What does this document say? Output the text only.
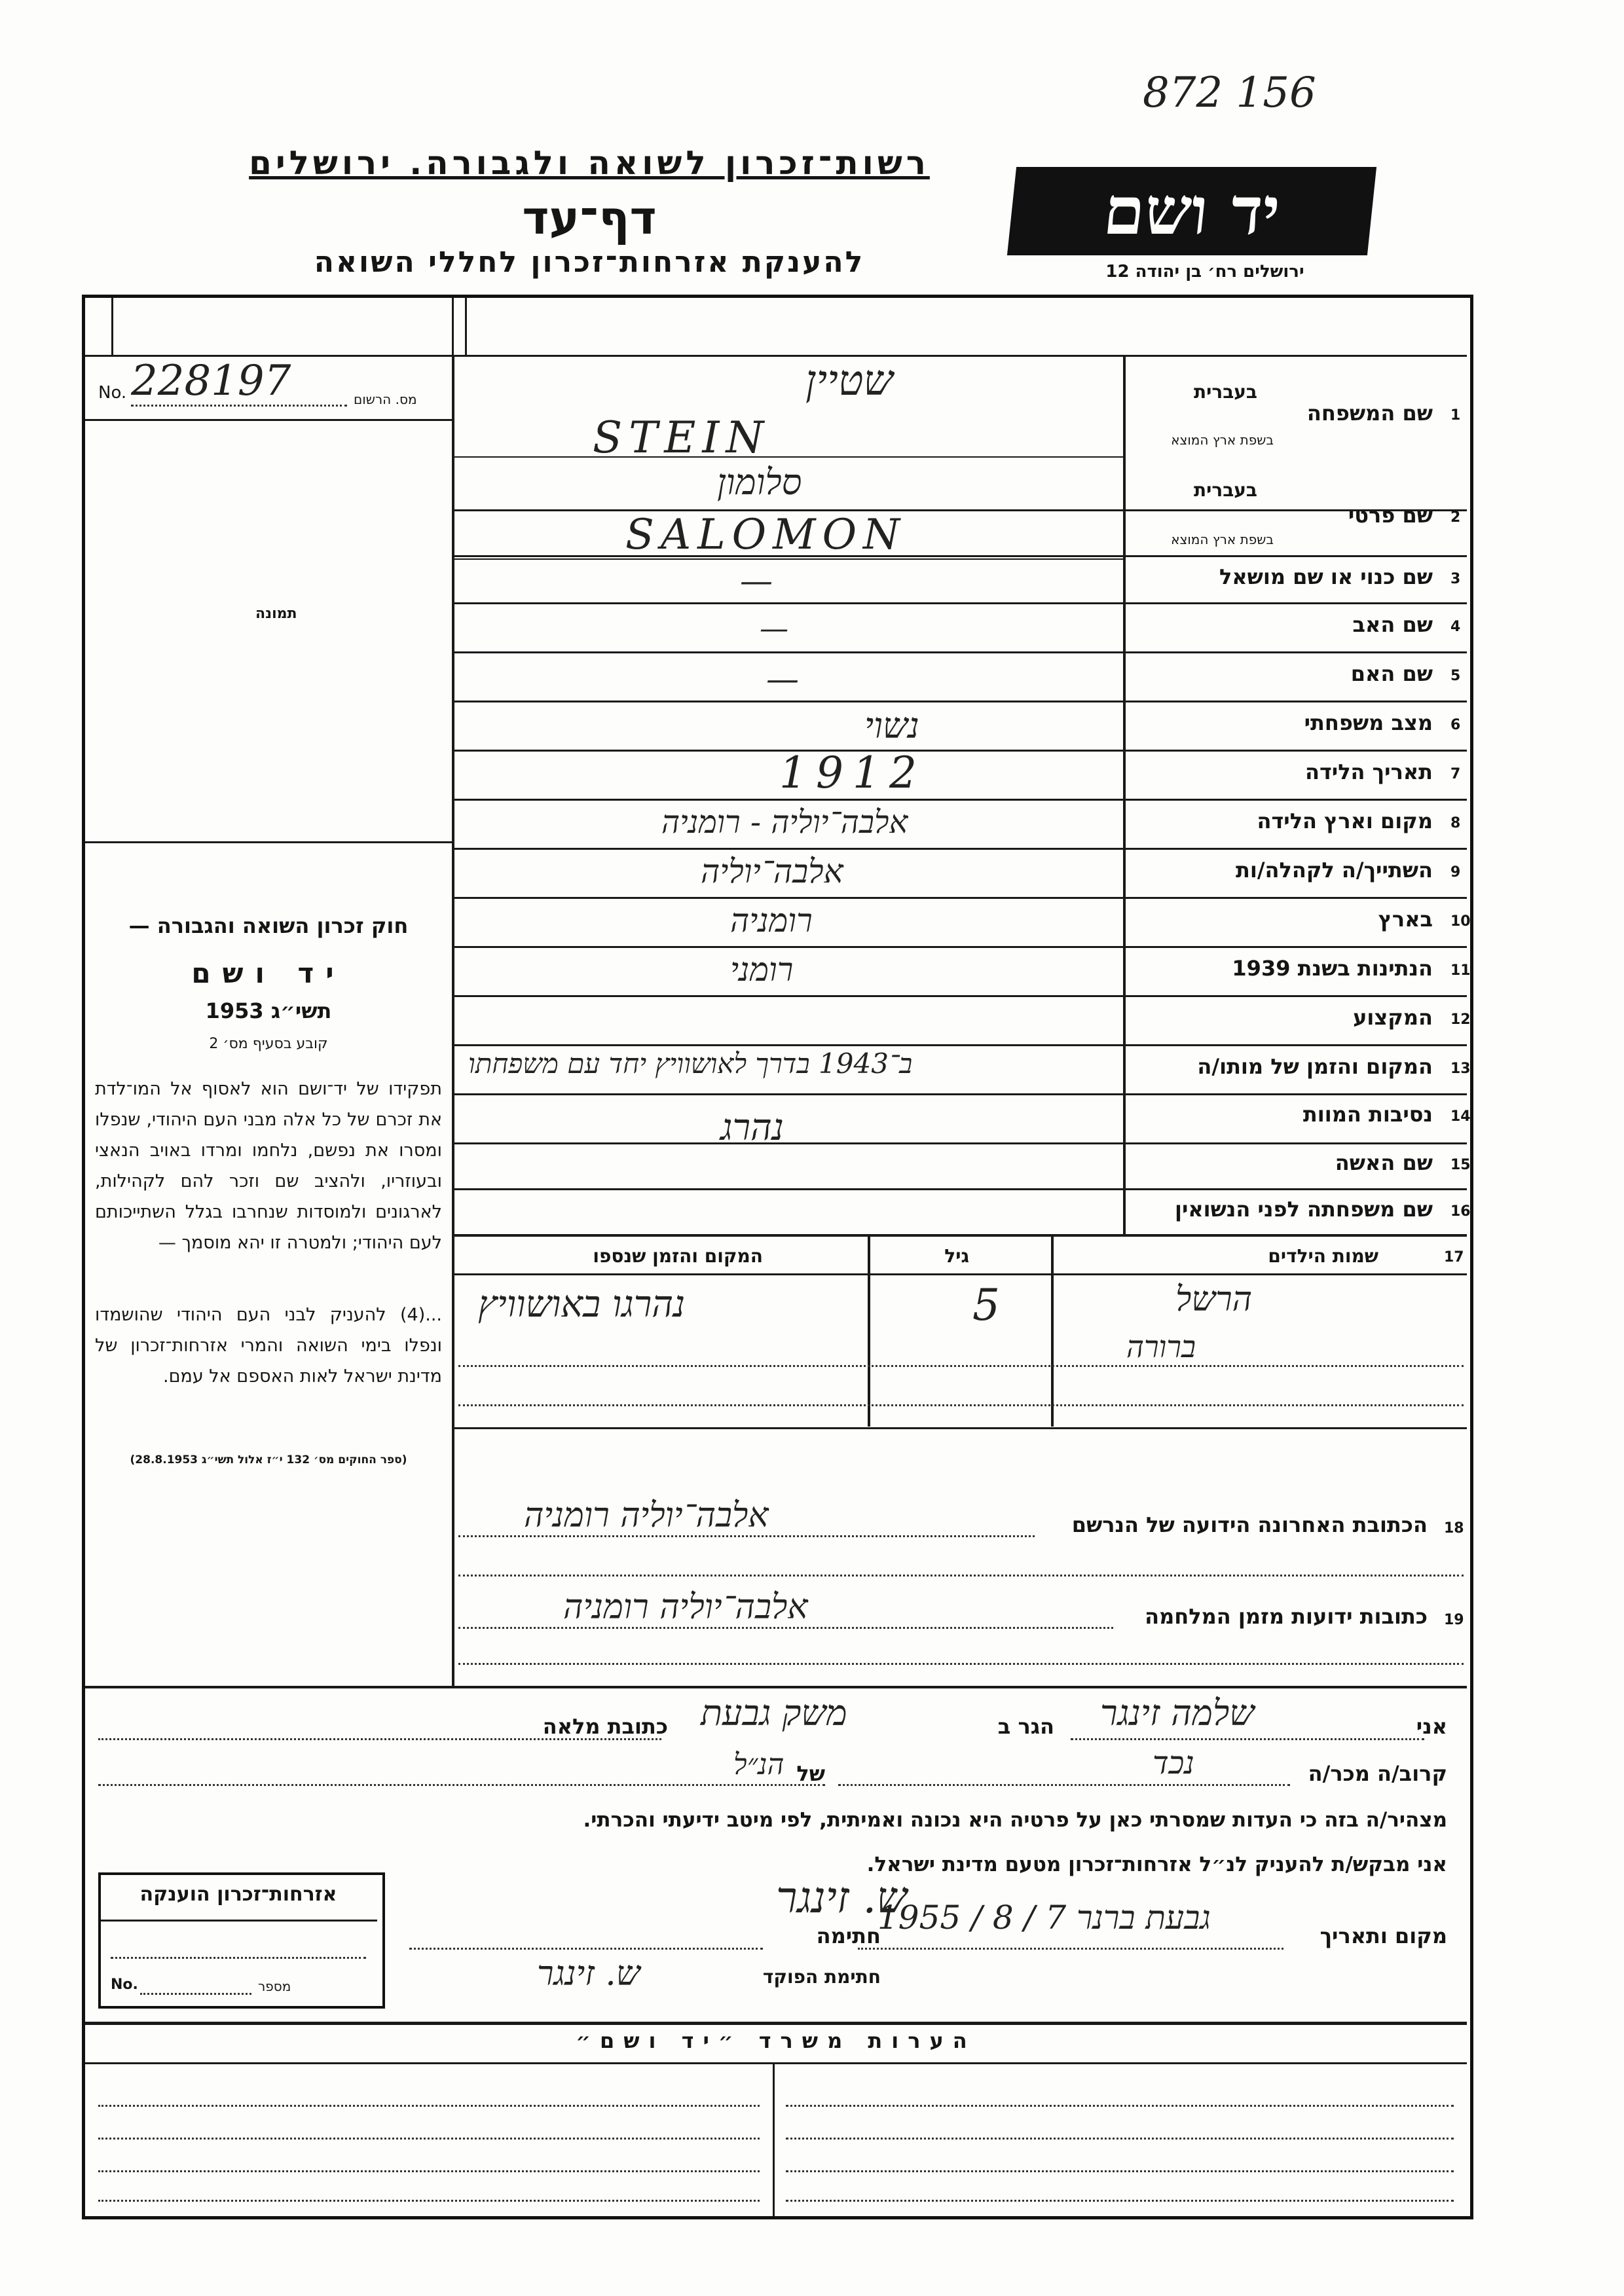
872 156
רשות־זכרון לשואה ולגבורה. ירושלים
דף־עד
להענקת אזרחות־זכרון לחללי השואה
יד ושם
ירושלים רח׳ בן יהודה 12
No. 228197	מס. הרשום
תמונה
חוק זכרון השואה והגבורה —
יד ושם
תשי״ג 1953
קובע בסעיף מס׳ 2
תפקידו של יד־ושם הוא לאסוף אל המו־לדת את זכרם של כל אלה מבני העם היהודי, שנפלו ומסרו את נפשם, נלחמו ומרדו באויב הנאצי ובעוזריו, ולהציב שם וזכר להם לקהילות, לארגונים ולמוסדות שנחרבו בגלל השתייכותם לעם היהודי; ולמטרה זו יהא מוסמך —
...(4) להעניק לבני העם היהודי שהושמדו ונפלו בימי השואה והמרי אזרחות־זכרון של מדינת ישראל לאות האספם אל עמם.
(ספר החוקים מס׳ 132 י״ז אלול תשי״ג 28.8.1953)
1
שם המשפחה
בעברית
בשפת ארץ המוצא
שטיין
STEIN
2
שם פרטי
בעברית
בשפת ארץ המוצא
סלומון
SALOMON
3
שם כנוי או שם מושאל
—
4
שם האב
—
5
שם האם
—
6
מצב משפחתי
נשוי
7
תאריך הלידה
1912
8
מקום וארץ הלידה
אלבה־יוליה - רומניה
9
השתייך/ה לקהלה/ות
אלבה־יוליה
10
בארץ
רומניה
11
הנתינות בשנת 1939
רומני
12
המקצוע
13
המקום והזמן של מותו/ה
ב־1943 בדרך לאושוויץ יחד עם משפחתו
14
נסיבות המוות
נהרג
15
שם האשה
16
שם משפחתה לפני הנשואין
17
שמות הילדים
גיל
המקום והזמן שנספו
הרשל
ברורה
5
נהרגו באושוויץ
18
הכתובת האחרונה הידועה של הנרשם
אלבה־יוליה רומניה
19
כתובות ידועות מזמן המלחמה
אלבה־יוליה רומניה
אני
שלמה זינגר
הגר ב
משק גבעת
כתובת מלאה
קרוב/ה מכר/ה
נכד
של
הנ״ל
מצהיר/ה בזה כי העדות שמסרתי כאן על פרטיה היא נכונה ואמיתית, לפי מיטב ידיעתי והכרתי.
אני מבקש/ת להעניק לנ״ל אזרחות־זכרון מטעם מדינת ישראל.
מקום ותאריך
גבעת ברנר 7 / 8 / 1955
חתימה
ש. זינגר
חתימת הפוקד
ש. זינגר
אזרחות־זכרון הוענקה
No.	מספר
הערות משרד ״יד ושם״
